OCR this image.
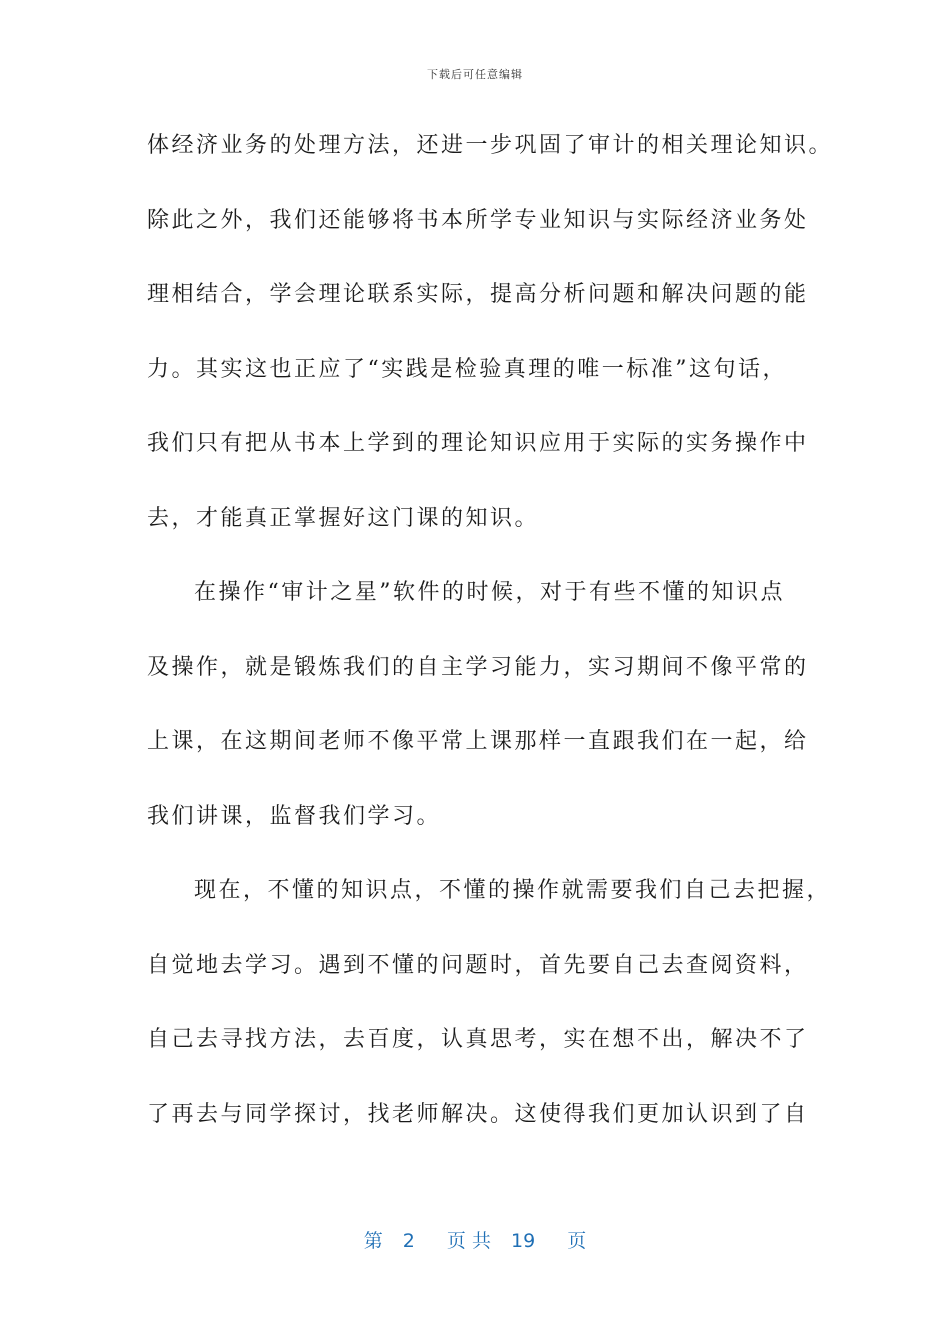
下载后可任意编辑
体经济业务的处理方法，还进一步巩固了审计的相关理论知识。
除此之外，我们还能够将书本所学专业知识与实际经济业务处
理相结合，学会理论联系实际，提高分析问题和解决问题的能
力。其实这也正应了“实践是检验真理的唯一标准”这句话，
我们只有把从书本上学到的理论知识应用于实际的实务操作中
去，才能真正掌握好这门课的知识。
在操作“审计之星”软件的时候，对于有些不懂的知识点
及操作，就是锻炼我们的自主学习能力，实习期间不像平常的
上课，在这期间老师不像平常上课那样一直跟我们在一起，给
我们讲课，监督我们学习。
现在，不懂的知识点，不懂的操作就需要我们自己去把握，
自觉地去学习。遇到不懂的问题时，首先要自己去查阅资料，
自己去寻找方法，去百度，认真思考，实在想不出，解决不了
了再去与同学探讨，找老师解决。这使得我们更加认识到了自
第 2 页 共 19 页
